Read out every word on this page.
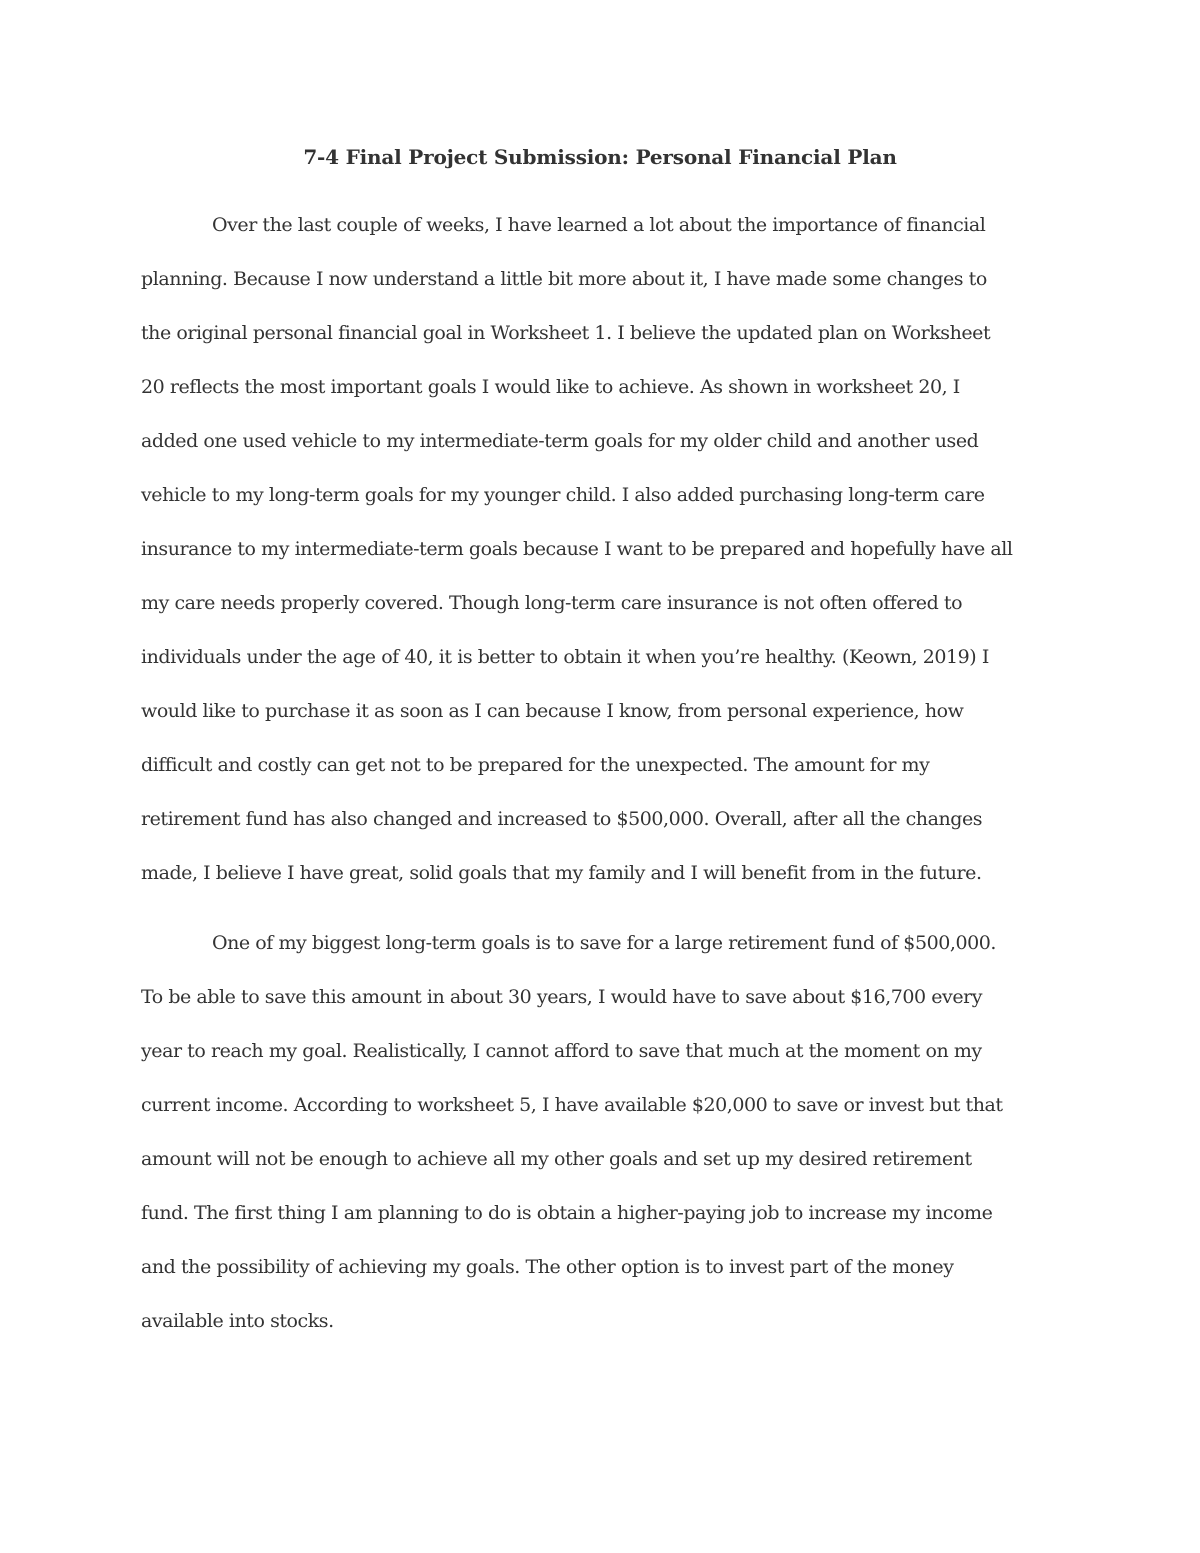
7-4 Final Project Submission: Personal Financial Plan
Over the last couple of weeks, I have learned a lot about the importance of financial
planning. Because I now understand a little bit more about it, I have made some changes to
the original personal financial goal in Worksheet 1. I believe the updated plan on Worksheet
20 reflects the most important goals I would like to achieve. As shown in worksheet 20, I
added one used vehicle to my intermediate-term goals for my older child and another used
vehicle to my long-term goals for my younger child. I also added purchasing long-term care
insurance to my intermediate-term goals because I want to be prepared and hopefully have all
my care needs properly covered. Though long-term care insurance is not often offered to
individuals under the age of 40, it is better to obtain it when you’re healthy. (Keown, 2019) I
would like to purchase it as soon as I can because I know, from personal experience, how
difficult and costly can get not to be prepared for the unexpected. The amount for my
retirement fund has also changed and increased to $500,000. Overall, after all the changes
made, I believe I have great, solid goals that my family and I will benefit from in the future.
One of my biggest long-term goals is to save for a large retirement fund of $500,000.
To be able to save this amount in about 30 years, I would have to save about $16,700 every
year to reach my goal. Realistically, I cannot afford to save that much at the moment on my
current income. According to worksheet 5, I have available $20,000 to save or invest but that
amount will not be enough to achieve all my other goals and set up my desired retirement
fund. The first thing I am planning to do is obtain a higher-paying job to increase my income
and the possibility of achieving my goals. The other option is to invest part of the money
available into stocks.
